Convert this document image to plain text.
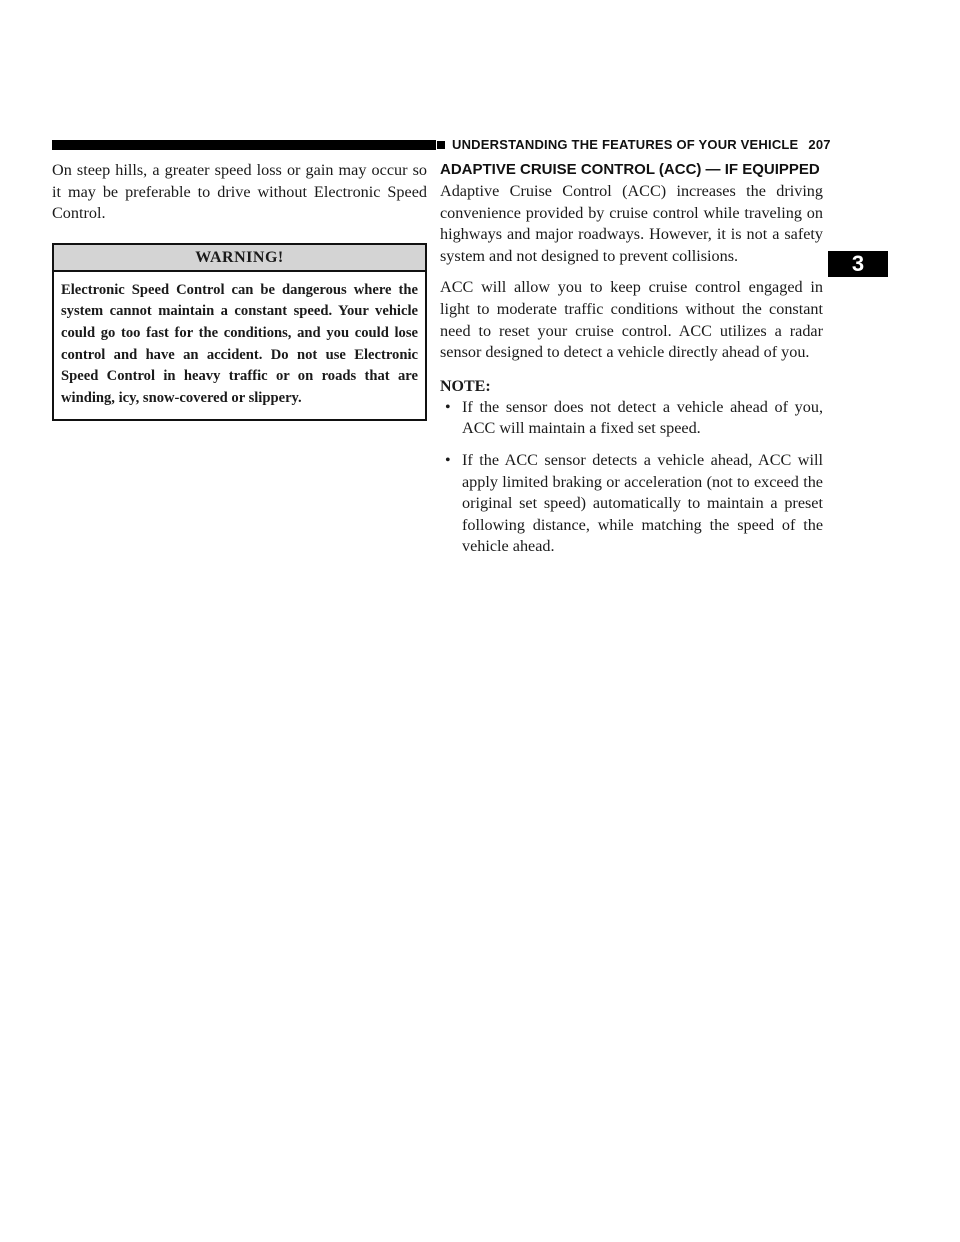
UNDERSTANDING THE FEATURES OF YOUR VEHICLE 207
3

On steep hills, a greater speed loss or gain may occur so it may be preferable to drive without Electronic Speed Control.

WARNING!
Electronic Speed Control can be dangerous where the system cannot maintain a constant speed. Your vehicle could go too fast for the conditions, and you could lose control and have an accident. Do not use Electronic Speed Control in heavy traffic or on roads that are winding, icy, snow-covered or slippery.
ADAPTIVE CRUISE CONTROL (ACC) — IF EQUIPPED

Adaptive Cruise Control (ACC) increases the driving convenience provided by cruise control while traveling on highways and major roadways. However, it is not a safety system and not designed to prevent collisions.

ACC will allow you to keep cruise control engaged in light to moderate traffic conditions without the constant need to reset your cruise control. ACC utilizes a radar sensor designed to detect a vehicle directly ahead of you.

NOTE:
• If the sensor does not detect a vehicle ahead of you, ACC will maintain a fixed set speed.
• If the ACC sensor detects a vehicle ahead, ACC will apply limited braking or acceleration (not to exceed the original set speed) automatically to maintain a preset following distance, while matching the speed of the vehicle ahead.
